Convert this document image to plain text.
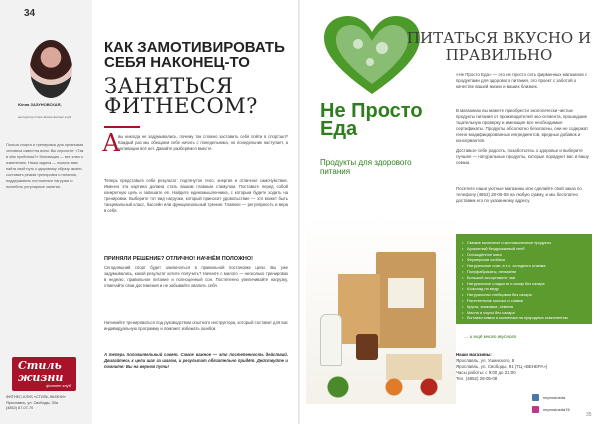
34
Юлия ЗАЗУНОВСКАЯ,
инструктор Стиль Жизни фитнес клуб
Польза спорта и тренировок для организма человека известна всем. Вы спросите: «Так в чём проблема?» Мотивация — вот ключ к изменению. Наша задача — помочь вам найти свой путь к здоровому образу жизни, составить режим тренировок и питания, поддерживать постоянные нагрузки и полюбить регулярные занятия.
Стиль жизни
фитнес клуб
ФИТНЕС-КЛУБ «СТИЛЬ ЖИЗНИ»
Ярославль, ул. Свободы, 30а
(4852) 67-07-70
КАК ЗАМОТИВИРОВАТЬ СЕБЯ НАКОНЕЦ-ТО
ЗАНЯТЬСЯ ФИТНЕСОМ?
А
вы никогда не задумывались, почему так сложно заставить себя пойти в спортзал? Каждый раз мы обещаем себе начать с понедельника, но понедельник наступает, а мотивации всё нет. Давайте разберёмся вместе.
Теперь представьте себе результат: подтянутое тело, энергия и отличное самочувствие. Именно эта картина должна стать вашим главным стимулом. Поставьте перед собой конкретную цель и запишите её. Найдите единомышленника, с которым будете ходить на тренировки. Выберите тот вид нагрузки, который приносит удовольствие — это может быть танцевальный класс, бассейн или функциональный тренинг. Главное — регулярность и вера в себя.
ПРИНЯЛИ РЕШЕНИЕ? ОТЛИЧНО! НАЧНЁМ ПОЛОЖНО!
Сегодняшний спорт будет заключаться в правильной постановке цели. Вы уже задумывались, какой результат хотите получить? Начните с малого — несколько тренировок в неделю, правильное питание и полноценный сон. Постепенно увеличивайте нагрузку, отмечайте свои достижения и не забывайте хвалить себя.
Начинайте тренироваться под руководством опытного инструктора, который составит для вас индивидуальную программу и поможет избежать ошибок.
А теперь положительный совет. Самое важное — это постепенность действий. Двигайтесь к цели шаг за шагом, и результат обязательно придёт. Действуйте и помните: Вы на верном пути!
Не Просто Еда
Продукты для здорового питания
ПИТАТЬСЯ ВКУСНО И ПРАВИЛЬНО
«Не Просто Еда» — это не просто сеть фирменных магазинов с продуктами для здорового питания, это проект с заботой о качестве вашей жизни и ваших близких.
В магазинах вы можете приобрести экологически чистые продукты питания от производителей эко-сегмента, прошедшие тщательную проверку и имеющие все необходимые сертификаты. Продукты абсолютно безопасны, они не содержат генно-модифицированных ингредиентов, вредных добавок и консервантов.
Доставьте себе радость, позаботьтесь о здоровье и выберите лучшее — натуральные продукты, которые порадуют вас и вашу семью.
Посетите наши уютные магазины или сделайте свой заказ по телефону (4852) 28-05-08 на любую сумму, и мы бесплатно доставим его по указанному адресу.
• Свежие молочные и кисломолочные продукты
• Ароматный бездрожжевой хлеб
• Охлаждённое мясо
• Фермерская колбаса
• Натуральные соки, в т.ч. холодного отжима
• Полуфабрикаты, пельмени
• Большой ассортимент чая
• Натуральные сладости и сахар без сахара
• Шоколад на меду
• Натуральная хлебцовая без сахара
• Растительное молоко и сливки
• Крупы, злаковые, семена
• Масла и соусы без сахара
• Бытовая химия и косметика на природных компонентах
… и ещё много вкусного
Наши магазины:
Ярославль, ул. Ушинского, 8
Ярославль, ул. Свободы, 91 (ТЦ «ВЕНЕРА»)
Часы работы: с 9:00 до 21:00
Тел. (4852) 28-05-08
neprostoeda
neprostoeda76
35
